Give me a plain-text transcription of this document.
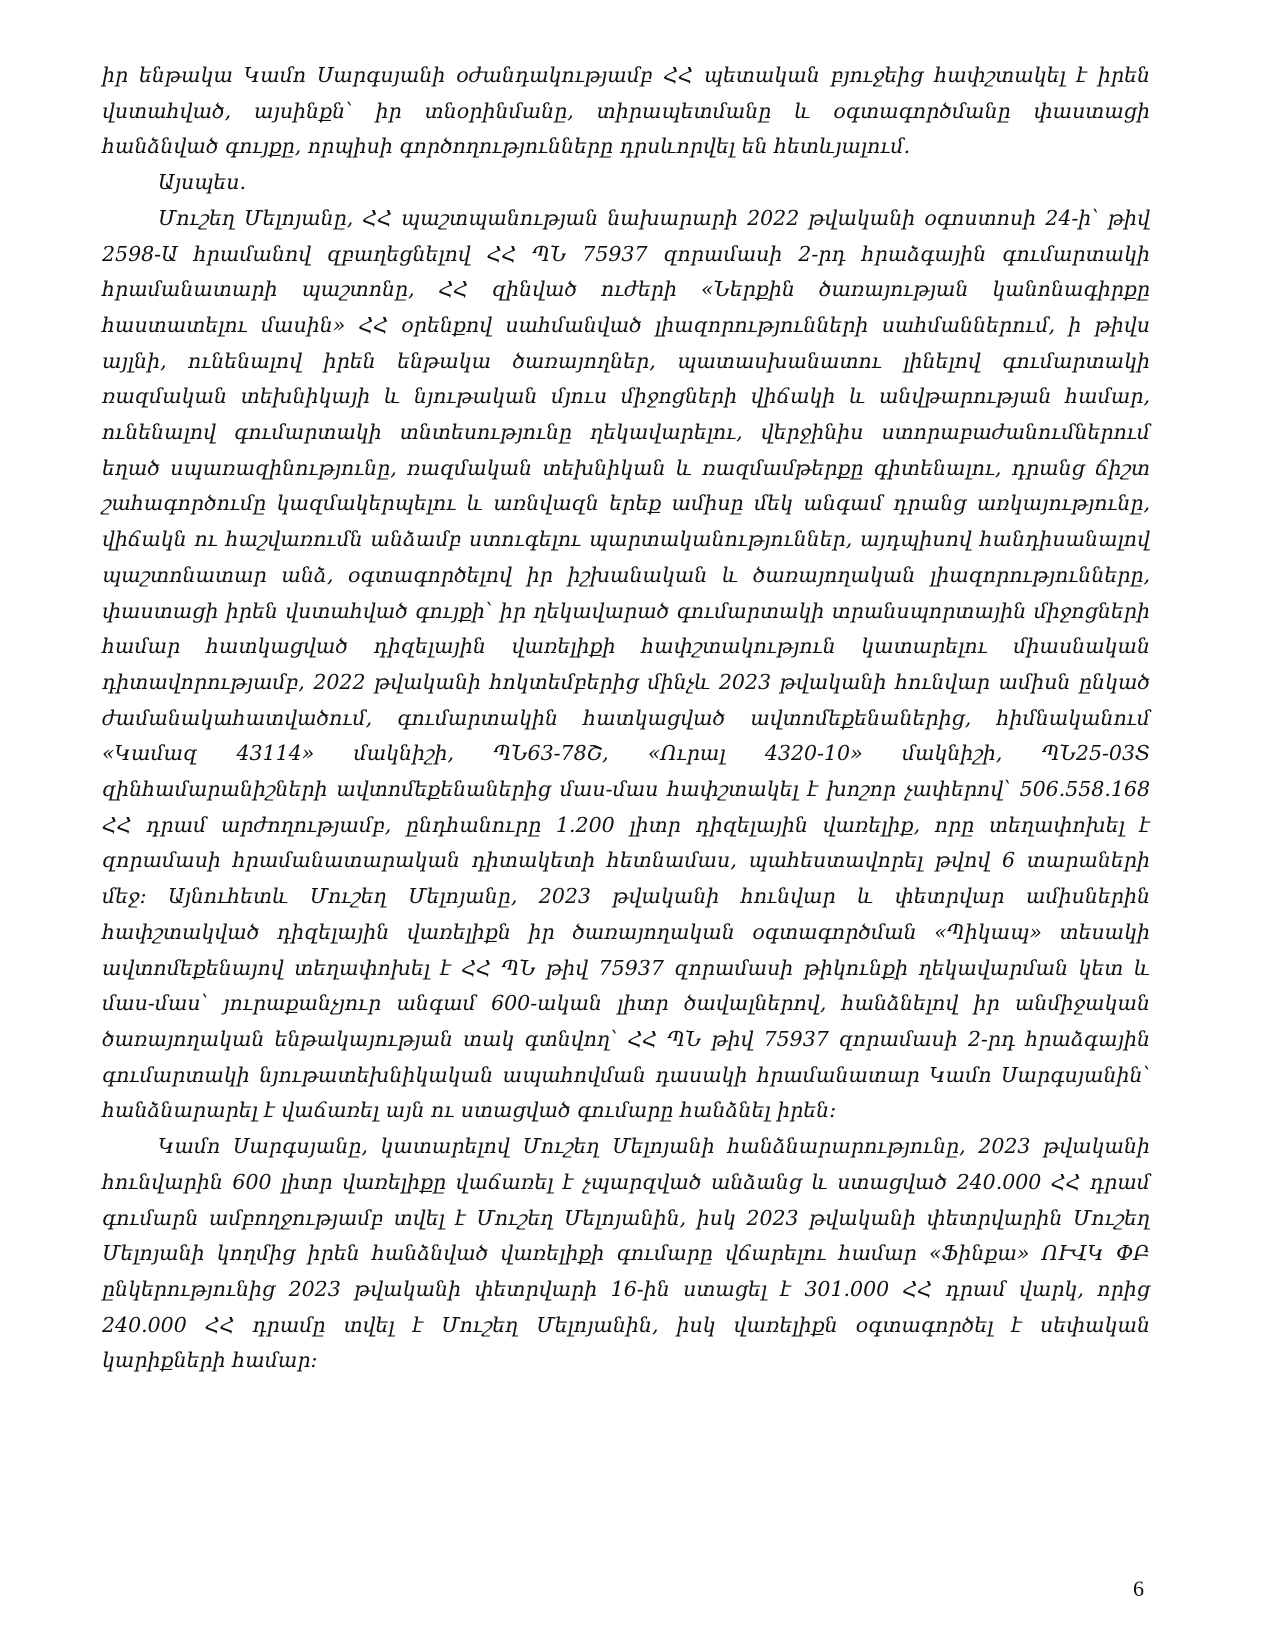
իր ենթակա Կամո Սարգսյանի օժանդակությամբ ՀՀ պետական բյուջեից հափշտակել է իրեն վստահված, այսինքն՝ իր տնօրինմանը, տիրապետմանը և օգտագործմանը փաստացի հանձնված գույքը, որպիսի գործողությունները դրսևորվել են հետևյալում.

Այսպես.

Մուշեղ Մելոյանը, ՀՀ պաշտպանության նախարարի 2022 թվականի օգոստոսի 24-ի՝ թիվ 2598-Ա հրամանով զբաղեցնելով ՀՀ ՊՆ 75937 զորամասի 2-րդ հրաձգային գումարտակի հրամանատարի պաշտոնը, ՀՀ զինված ուժերի «Ներքին ծառայության կանոնագիրքը հաստատելու մասին» ՀՀ օրենքով սահմանված լիազորությունների սահմաններում, ի թիվս այլնի, ունենալով իրեն ենթակա ծառայողներ, պատասխանատու լինելով գումարտակի ռազմական տեխնիկայի և նյութական մյուս միջոցների վիճակի և անվթարության համար, ունենալով գումարտակի տնտեսությունը ղեկավարելու, վերջինիս ստորաբաժանումներում եղած սպառազինությունը, ռազմական տեխնիկան և ռազմամթերքը գիտենալու, դրանց ճիշտ շահագործումը կազմակերպելու և առնվազն երեք ամիսը մեկ անգամ դրանց առկայությունը, վիճակն ու հաշվառումն անձամբ ստուգելու պարտականություններ, այդպիսով հանդիսանալով պաշտոնատար անձ, օգտագործելով իր իշխանական և ծառայողական լիազորությունները, փաստացի իրեն վստահված գույքի՝ իր ղեկավարած գումարտակի տրանսպորտային միջոցների համար հատկացված դիզելային վառելիքի հափշտակություն կատարելու միասնական դիտավորությամբ, 2022 թվականի հոկտեմբերից մինչև 2023 թվականի հունվար ամիսն ընկած ժամանակահատվածում, գումարտակին հատկացված ավտոմեքենաներից, հիմնականում «Կամազ 43114» մակնիշի, ՊՆ63-78Շ, «Ուրալ 4320-10» մակնիշի, ՊՆ25-03Տ զինհամարանիշների ավտոմեքենաներից մաս-մաս հափշտակել է խոշոր չափերով՝ 506.558.168 ՀՀ դրամ արժողությամբ, ընդհանուրը 1.200 լիտր դիզելային վառելիք, որը տեղափոխել է զորամասի հրամանատարական դիտակետի հետնամաս, պահեստավորել թվով 6 տարաների մեջ: Այնուհետև Մուշեղ Մելոյանը, 2023 թվականի հունվար և փետրվար ամիսներին հափշտակված դիզելային վառելիքն իր ծառայողական օգտագործման «Պիկապ» տեսակի ավտոմեքենայով տեղափոխել է ՀՀ ՊՆ թիվ 75937 զորամասի թիկունքի ղեկավարման կետ և մաս-մաս՝ յուրաքանչյուր անգամ 600-ական լիտր ծավալներով, հանձնելով իր անմիջական ծառայողական ենթակայության տակ գտնվող՝ ՀՀ ՊՆ թիվ 75937 զորամասի 2-րդ հրաձգային գումարտակի նյութատեխնիկական ապահովման դասակի հրամանատար Կամո Սարգսյանին՝ հանձնարարել է վաճառել այն ու ստացված գումարը հանձնել իրեն:

Կամո Սարգսյանը, կատարելով Մուշեղ Մելոյանի հանձնարարությունը, 2023 թվականի հունվարին 600 լիտր վառելիքը վաճառել է չպարզված անձանց և ստացված 240.000 ՀՀ դրամ գումարն ամբողջությամբ տվել է Մուշեղ Մելոյանին, իսկ 2023 թվականի փետրվարին Մուշեղ Մելոյանի կողմից իրեն հանձնված վառելիքի գումարը վճարելու համար «Ֆինքա» ՈՒՎԿ ՓԲ ընկերությունից 2023 թվականի փետրվարի 16-ին ստացել է 301.000 ՀՀ դրամ վարկ, որից 240.000 ՀՀ դրամը տվել է Մուշեղ Մելոյանին, իսկ վառելիքն օգտագործել է սեփական կարիքների համար:

6
